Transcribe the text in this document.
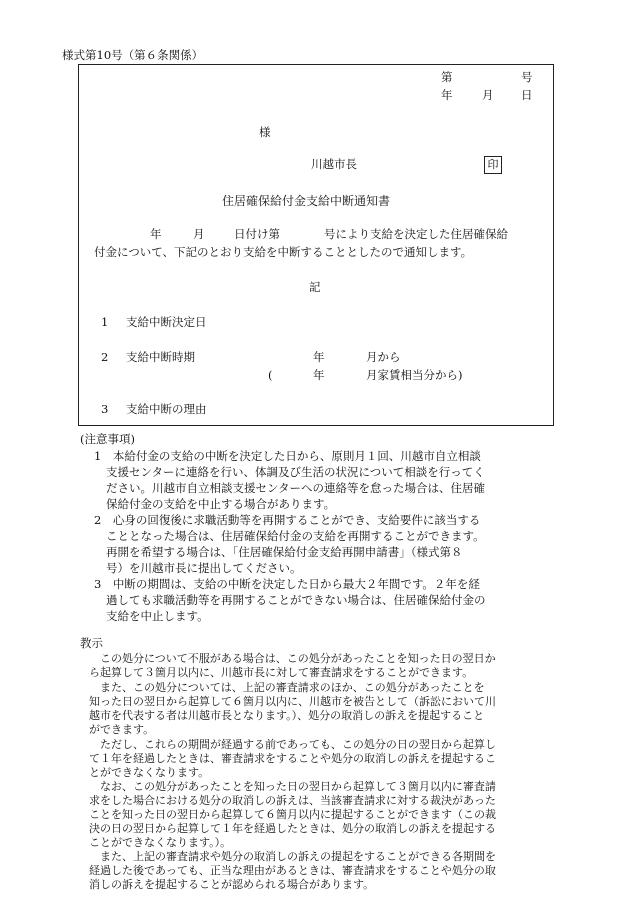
様式第10号（第６条関係）
第	号
年	月 日
様
川越市長	印
住居確保給付金支給中断通知書
年	月	日付け第	号により支給を決定した住居確保給
付金について、下記のとおり支給を中断することとしたので通知します。
記
1 支給中断決定日
2 支給中断時期	年	月から
(	年	月家賃相当分から)
3 支給中断の理由
(注意事項)
1　本給付金の支給の中断を決定した日から、原則月１回、川越市自立相談
支援センターに連絡を行い、体調及び生活の状況について相談を行ってく
ださい。川越市自立相談支援センターへの連絡等を怠った場合は、住居確
保給付金の支給を中止する場合があります。
2　心身の回復後に求職活動等を再開することができ、支給要件に該当する
こととなった場合は、住居確保給付金の支給を再開することができます。
再開を希望する場合は、「住居確保給付金支給再開申請書」（様式第８
号）を川越市長に提出してください。
3　中断の期間は、支給の中断を決定した日から最大２年間です。２年を経
過しても求職活動等を再開することができない場合は、住居確保給付金の
支給を中止します。
教示
この処分について不服がある場合は、この処分があったことを知った日の翌日か
ら起算して３箇月以内に、川越市長に対して審査請求をすることができます。
また、この処分については、上記の審査請求のほか、この処分があったことを
知った日の翌日から起算して６箇月以内に、川越市を被告として（訴訟において川
越市を代表する者は川越市長となります。）、処分の取消しの訴えを提起すること
ができます。
ただし、これらの期間が経過する前であっても、この処分の日の翌日から起算し
て１年を経過したときは、審査請求をすることや処分の取消しの訴えを提起するこ
とができなくなります。
なお、この処分があったことを知った日の翌日から起算して３箇月以内に審査請
求をした場合における処分の取消しの訴えは、当該審査請求に対する裁決があった
ことを知った日の翌日から起算して６箇月以内に提起することができます（この裁
決の日の翌日から起算して１年を経過したときは、処分の取消しの訴えを提起する
ことができなくなります。）。
また、上記の審査請求や処分の取消しの訴えの提起をすることができる各期間を
経過した後であっても、正当な理由があるときは、審査請求をすることや処分の取
消しの訴えを提起することが認められる場合があります。
